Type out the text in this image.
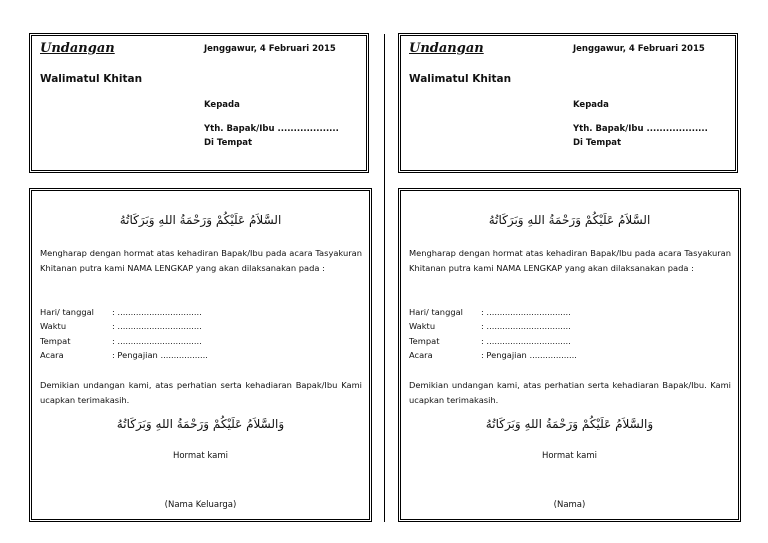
Undangan	Jenggawur, 4 Februari 2015
Walimatul Khitan
Kepada
Yth. Bapak/Ibu ...................
Di Tempat
Undangan	Jenggawur, 4 Februari 2015
Walimatul Khitan
Kepada
Yth. Bapak/Ibu ...................
Di Tempat
السَّلاَمُ عَلَيْكُمْ وَرَحْمَةُ اللهِ وَبَرَكَاتُهُ
Mengharap dengan hormat atas kehadiran Bapak/Ibu pada acara Tasyakuran Khitanan putra kami NAMA LENGKAP yang akan dilaksanakan pada :
Hari/ tanggal : ................................
Waktu	: ................................
Tempat	: ................................
Acara	: Pengajian ..................
Demikian undangan kami, atas perhatian serta kehadiaran Bapak/Ibu Kami ucapkan terimakasih.
وَالسَّلاَمُ عَلَيْكُمْ وَرَحْمَةُ اللهِ وَبَرَكَاتُهُ
Hormat kami
(Nama Keluarga)
السَّلاَمُ عَلَيْكُمْ وَرَحْمَةُ اللهِ وَبَرَكَاتُهُ
Mengharap dengan hormat atas kehadiran Bapak/Ibu pada acara Tasyakuran Khitanan putra kami NAMA LENGKAP yang akan dilaksanakan pada :
Hari/ tanggal : ................................
Waktu	: ................................
Tempat	: ................................
Acara	: Pengajian ..................
Demikian undangan kami, atas perhatian serta kehadiaran Bapak/Ibu. Kami ucapkan terimakasih.
وَالسَّلاَمُ عَلَيْكُمْ وَرَحْمَةُ اللهِ وَبَرَكَاتُهُ
Hormat kami
(Nama)
